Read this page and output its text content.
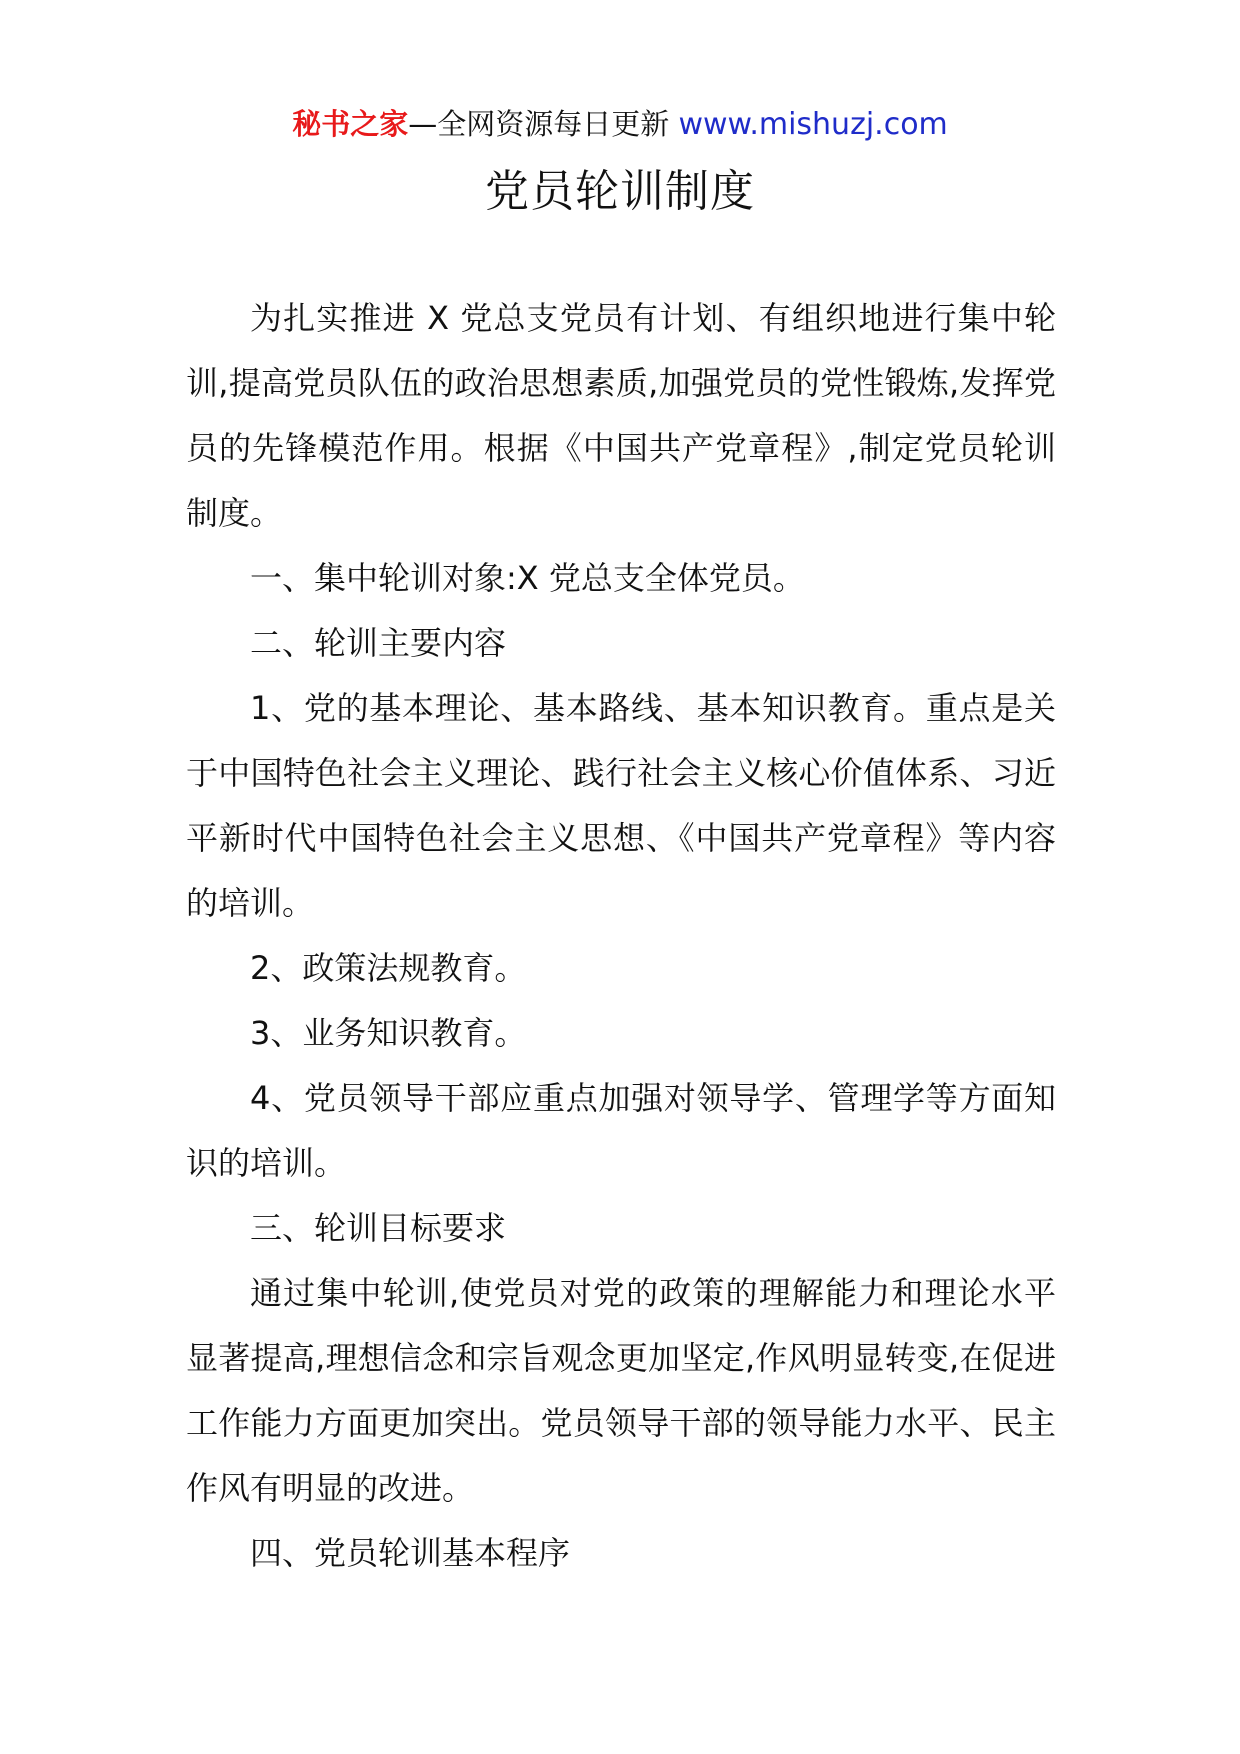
秘书之家—全网资源每日更新 www.mishuzj.com
党员轮训制度

为扎实推进 X 党总支党员有计划、有组织地进行集中轮训,提高党员队伍的政治思想素质,加强党员的党性锻炼,发挥党员的先锋模范作用。根据《中国共产党章程》,制定党员轮训制度。

一、集中轮训对象:X 党总支全体党员。

二、轮训主要内容

1、党的基本理论、基本路线、基本知识教育。重点是关于中国特色社会主义理论、践行社会主义核心价值体系、习近平新时代中国特色社会主义思想、《中国共产党章程》等内容的培训。

2、政策法规教育。

3、业务知识教育。

4、党员领导干部应重点加强对领导学、管理学等方面知识的培训。

三、轮训目标要求

通过集中轮训,使党员对党的政策的理解能力和理论水平显著提高,理想信念和宗旨观念更加坚定,作风明显转变,在促进工作能力方面更加突出。党员领导干部的领导能力水平、民主作风有明显的改进。

四、党员轮训基本程序
